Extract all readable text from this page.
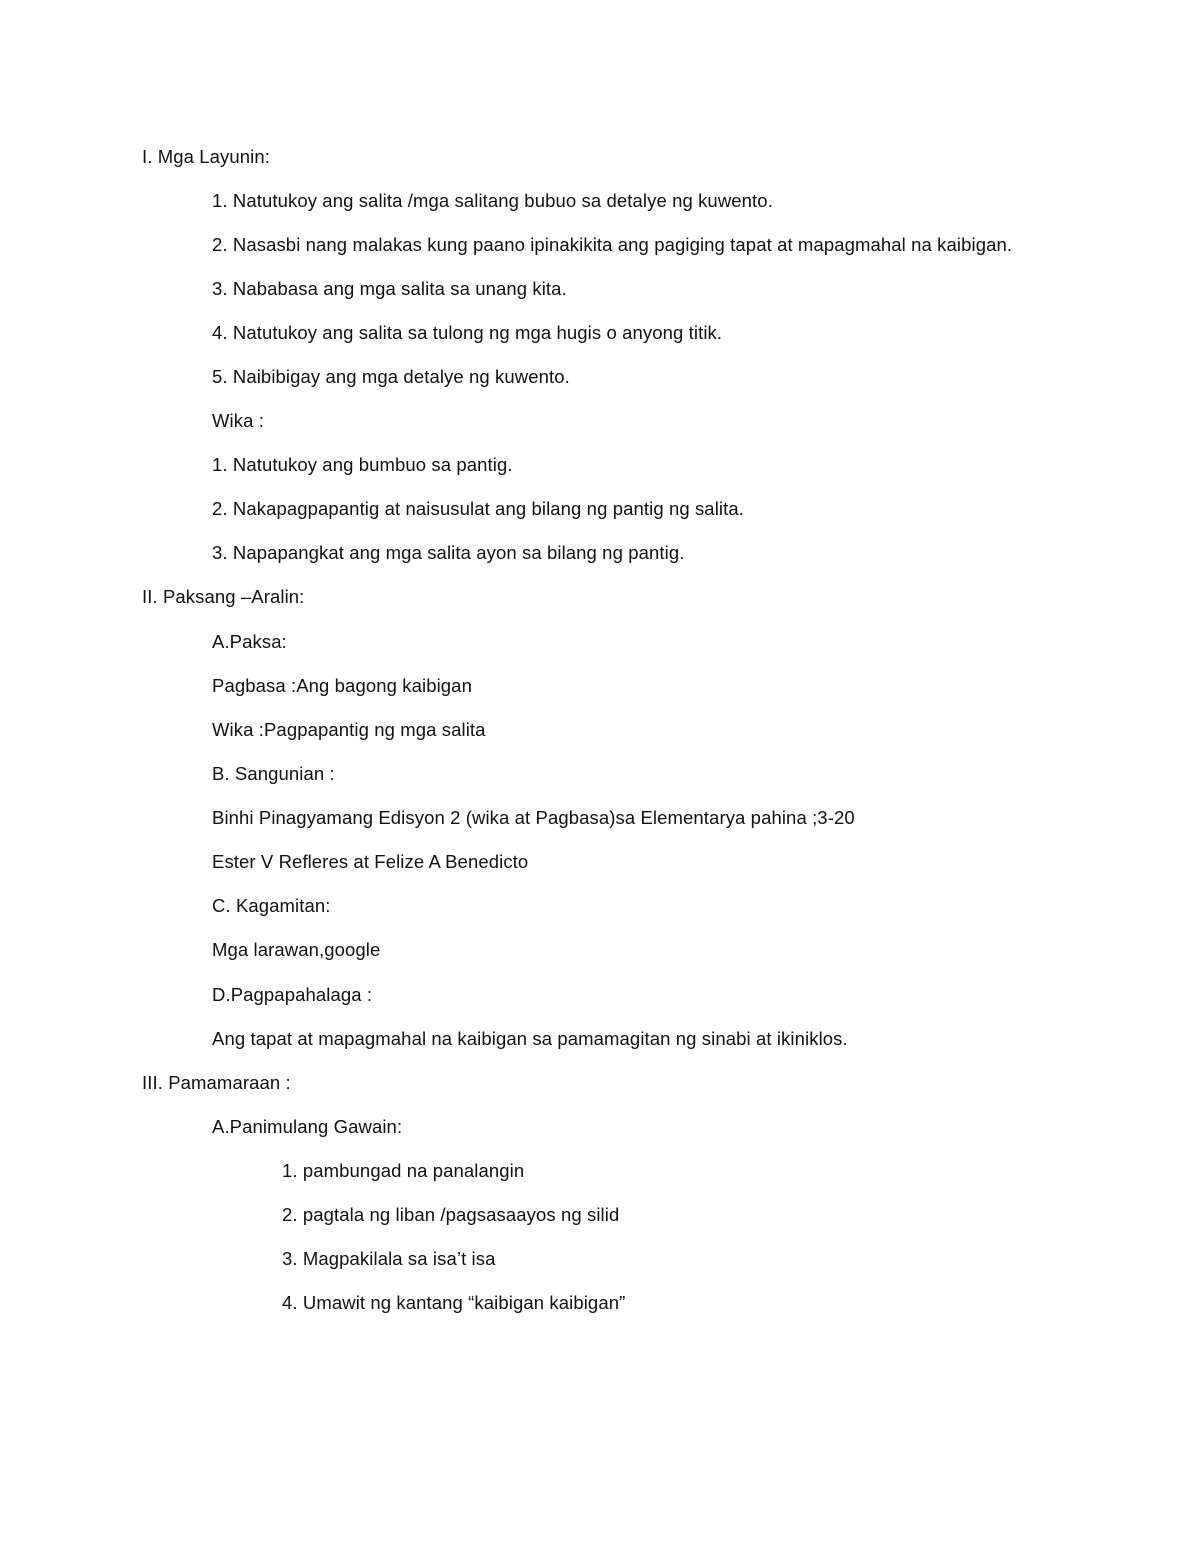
I. Mga Layunin:
1. Natutukoy ang salita /mga salitang bubuo sa detalye ng kuwento.
2. Nasasbi nang malakas kung paano ipinakikita ang pagiging tapat at mapagmahal na kaibigan.
3. Nababasa ang mga salita sa unang kita.
4. Natutukoy ang salita sa tulong ng mga hugis o anyong titik.
5. Naibibigay ang mga detalye ng kuwento.
Wika :
1. Natutukoy ang bumbuo sa pantig.
2. Nakapagpapantig at naisusulat ang bilang ng pantig ng salita.
3. Napapangkat ang mga salita ayon sa bilang ng pantig.
II. Paksang –Aralin:
A.Paksa:
Pagbasa :Ang bagong kaibigan
Wika :Pagpapantig ng mga salita
B. Sangunian :
Binhi Pinagyamang Edisyon 2 (wika at Pagbasa)sa Elementarya pahina ;3-20
Ester V Reﬂeres at Felize A Benedicto
C. Kagamitan:
Mga larawan,google
D.Pagpapahalaga :
Ang tapat at mapagmahal na kaibigan sa pamamagitan ng sinabi at ikiniklos.
III. Pamamaraan :
A.Panimulang Gawain:
1. pambungad na panalangin
2. pagtala ng liban /pagsasaayos ng silid
3. Magpakilala sa isa’t isa
4. Umawit ng kantang “kaibigan kaibigan”
